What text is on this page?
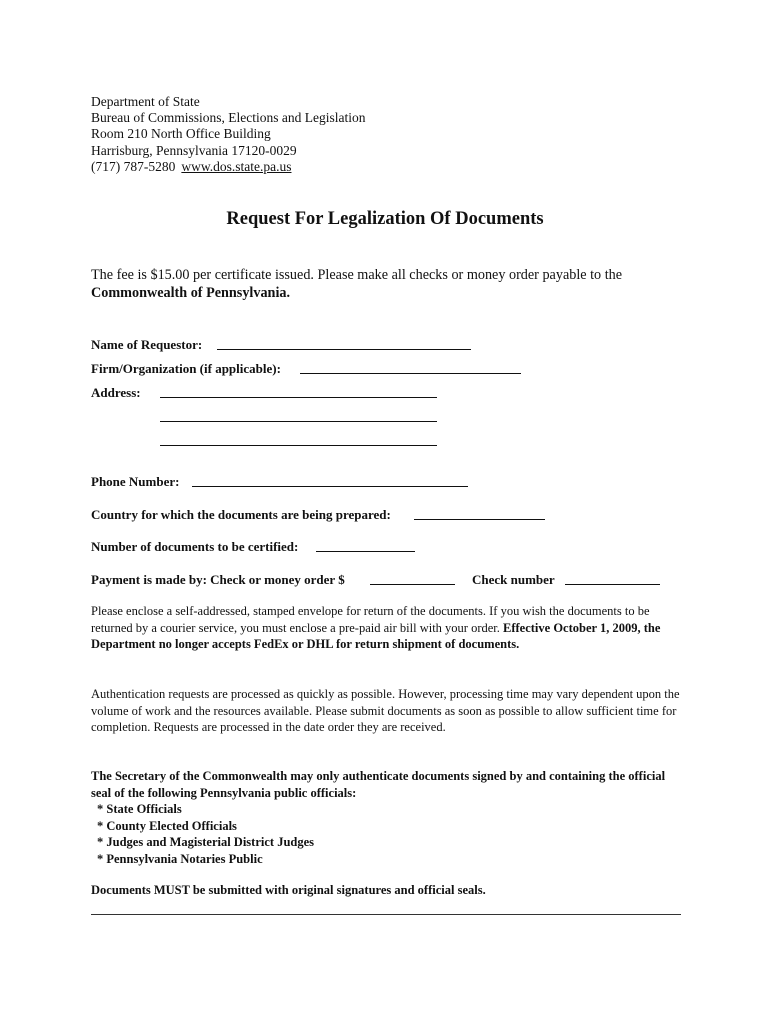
Department of State
Bureau of Commissions, Elections and Legislation
Room 210 North Office Building
Harrisburg, Pennsylvania 17120-0029
(717) 787-5280 www.dos.state.pa.us
Request For Legalization Of Documents
The fee is $15.00 per certificate issued. Please make all checks or money order payable to the
Commonwealth of Pennsylvania.
Name of Requestor:
Firm/Organization (if applicable):
Address:
Phone Number:
Country for which the documents are being prepared:
Number of documents to be certified:
Payment is made by: Check or money order $	Check number
Please enclose a self-addressed, stamped envelope for return of the documents. If you wish the documents to be returned by a courier service, you must enclose a pre-paid air bill with your order. Effective October 1, 2009, the Department no longer accepts FedEx or DHL for return shipment of documents.
Authentication requests are processed as quickly as possible. However, processing time may vary dependent upon the volume of work and the resources available. Please submit documents as soon as possible to allow sufficient time for completion. Requests are processed in the date order they are received.
The Secretary of the Commonwealth may only authenticate documents signed by and containing the official seal of the following Pennsylvania public officials:
* State Officials
* County Elected Officials
* Judges and Magisterial District Judges
* Pennsylvania Notaries Public
Documents MUST be submitted with original signatures and official seals.
